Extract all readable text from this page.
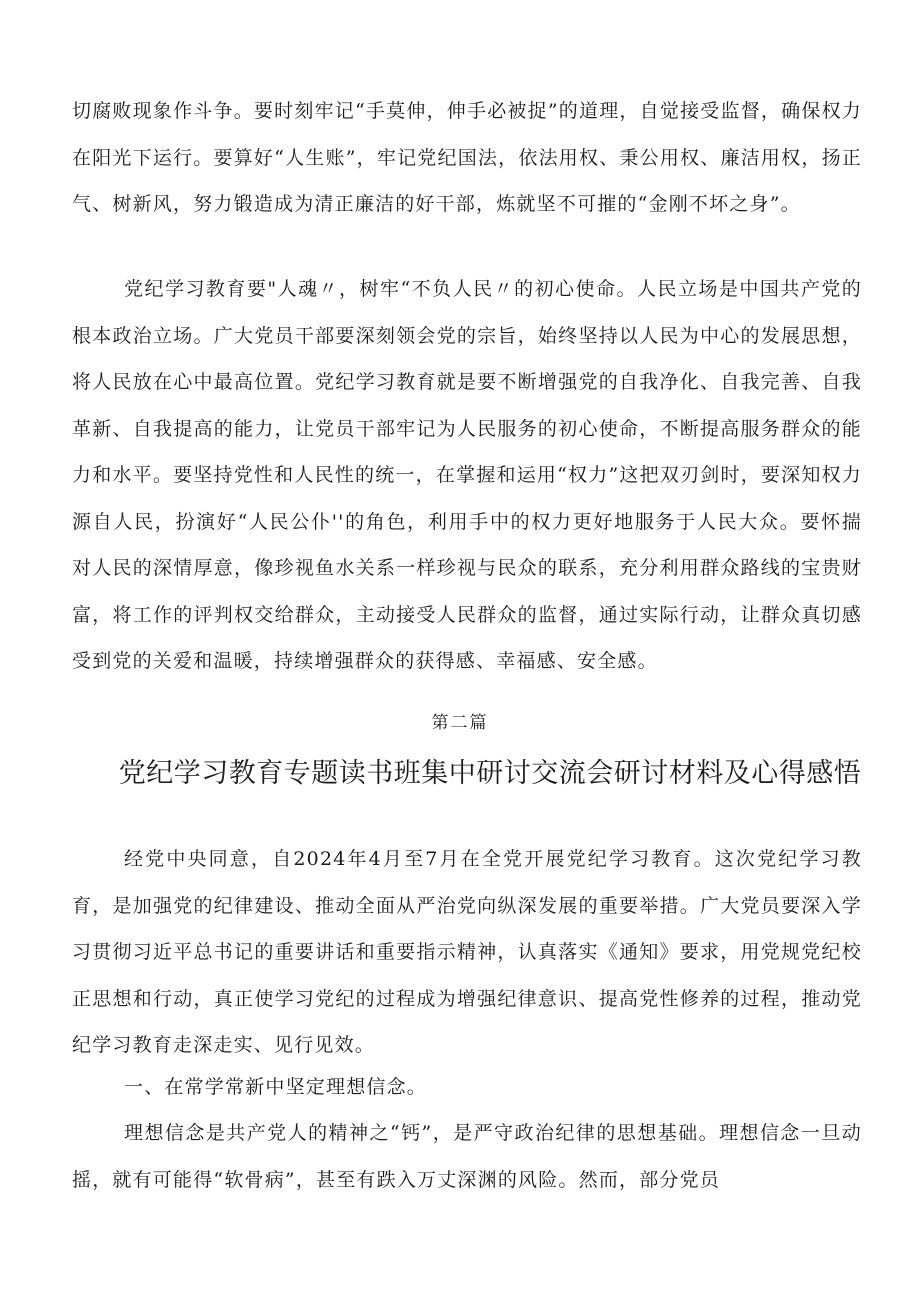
切腐败现象作斗争。要时刻牢记“手莫伸，伸手必被捉”的道理，自觉接受监督，确保权力在阳光下运行。要算好“人生账”，牢记党纪国法，依法用权、秉公用权、廉洁用权，扬正气、树新风，努力锻造成为清正廉洁的好干部，炼就坚不可摧的“金刚不坏之身”。

党纪学习教育要"人魂〃，树牢“不负人民〃的初心使命。人民立场是中国共产党的根本政治立场。广大党员干部要深刻领会党的宗旨，始终坚持以人民为中心的发展思想，将人民放在心中最高位置。党纪学习教育就是要不断增强党的自我净化、自我完善、自我革新、自我提高的能力，让党员干部牢记为人民服务的初心使命，不断提高服务群众的能力和水平。要坚持党性和人民性的统一，在掌握和运用“权力”这把双刃剑时，要深知权力源自人民，扮演好“人民公仆''的角色，利用手中的权力更好地服务于人民大众。要怀揣对人民的深情厚意，像珍视鱼水关系一样珍视与民众的联系，充分利用群众路线的宝贵财富，将工作的评判权交给群众，主动接受人民群众的监督，通过实际行动，让群众真切感受到党的关爱和温暖，持续增强群众的获得感、幸福感、安全感。

第二篇

党纪学习教育专题读书班集中研讨交流会研讨材料及心得感悟

经党中央同意，自2024年4月至7月在全党开展党纪学习教育。这次党纪学习教育，是加强党的纪律建设、推动全面从严治党向纵深发展的重要举措。广大党员要深入学习贯彻习近平总书记的重要讲话和重要指示精神，认真落实《通知》要求，用党规党纪校正思想和行动，真正使学习党纪的过程成为增强纪律意识、提高党性修养的过程，推动党纪学习教育走深走实、见行见效。

一、在常学常新中坚定理想信念。

理想信念是共产党人的精神之“钙”，是严守政治纪律的思想基础。理想信念一旦动摇，就有可能得“软骨病”，甚至有跌入万丈深渊的风险。然而，部分党员
